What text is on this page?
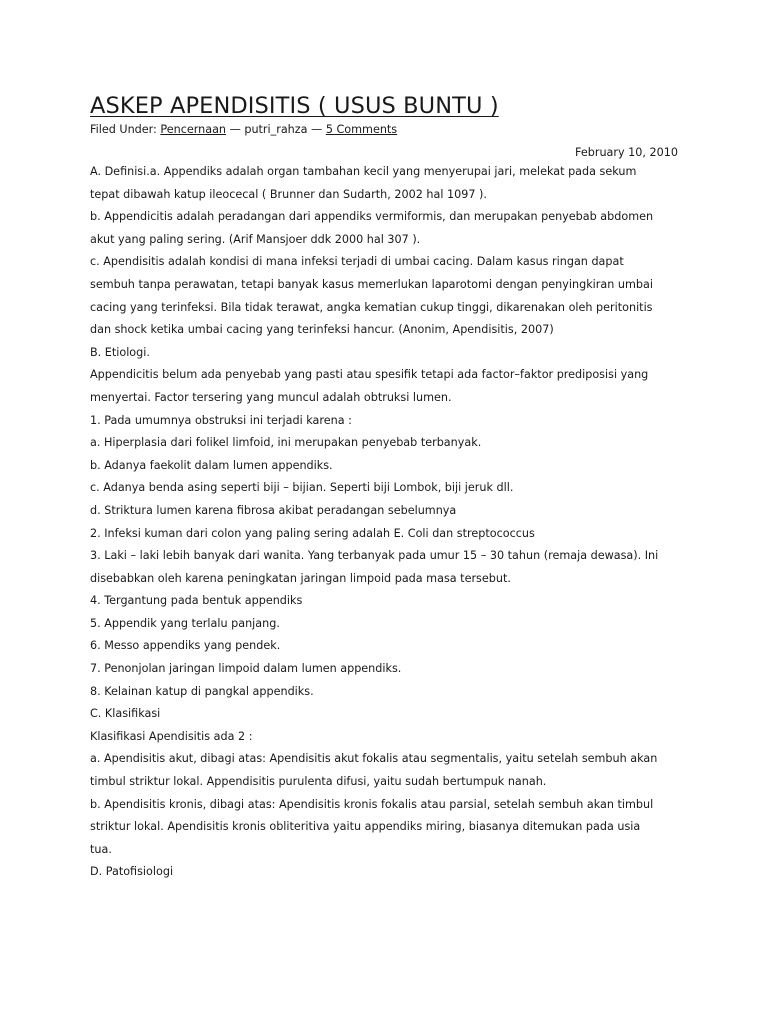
ASKEP APENDISITIS ( USUS BUNTU )
Filed Under: Pencernaan — putri_rahza — 5 Comments
February 10, 2010
A. Definisi.a. Appendiks adalah organ tambahan kecil yang menyerupai jari, melekat pada sekum
tepat dibawah katup ileocecal ( Brunner dan Sudarth, 2002 hal 1097 ).
b. Appendicitis adalah peradangan dari appendiks vermiformis, dan merupakan penyebab abdomen
akut yang paling sering. (Arif Mansjoer ddk 2000 hal 307 ).
c. Apendisitis adalah kondisi di mana infeksi terjadi di umbai cacing. Dalam kasus ringan dapat
sembuh tanpa perawatan, tetapi banyak kasus memerlukan laparotomi dengan penyingkiran umbai
cacing yang terinfeksi. Bila tidak terawat, angka kematian cukup tinggi, dikarenakan oleh peritonitis
dan shock ketika umbai cacing yang terinfeksi hancur. (Anonim, Apendisitis, 2007)
B. Etiologi.
Appendicitis belum ada penyebab yang pasti atau spesifik tetapi ada factor–faktor prediposisi yang
menyertai. Factor tersering yang muncul adalah obtruksi lumen.
1. Pada umumnya obstruksi ini terjadi karena :
a. Hiperplasia dari folikel limfoid, ini merupakan penyebab terbanyak.
b. Adanya faekolit dalam lumen appendiks.
c. Adanya benda asing seperti biji – bijian. Seperti biji Lombok, biji jeruk dll.
d. Striktura lumen karena fibrosa akibat peradangan sebelumnya
2. Infeksi kuman dari colon yang paling sering adalah E. Coli dan streptococcus
3. Laki – laki lebih banyak dari wanita. Yang terbanyak pada umur 15 – 30 tahun (remaja dewasa). Ini
disebabkan oleh karena peningkatan jaringan limpoid pada masa tersebut.
4. Tergantung pada bentuk appendiks
5. Appendik yang terlalu panjang.
6. Messo appendiks yang pendek.
7. Penonjolan jaringan limpoid dalam lumen appendiks.
8. Kelainan katup di pangkal appendiks.
C. Klasifikasi
Klasifikasi Apendisitis ada 2 :
a. Apendisitis akut, dibagi atas: Apendisitis akut fokalis atau segmentalis, yaitu setelah sembuh akan
timbul striktur lokal. Appendisitis purulenta difusi, yaitu sudah bertumpuk nanah.
b. Apendisitis kronis, dibagi atas: Apendisitis kronis fokalis atau parsial, setelah sembuh akan timbul
striktur lokal. Apendisitis kronis obliteritiva yaitu appendiks miring, biasanya ditemukan pada usia
tua.
D. Patofisiologi
